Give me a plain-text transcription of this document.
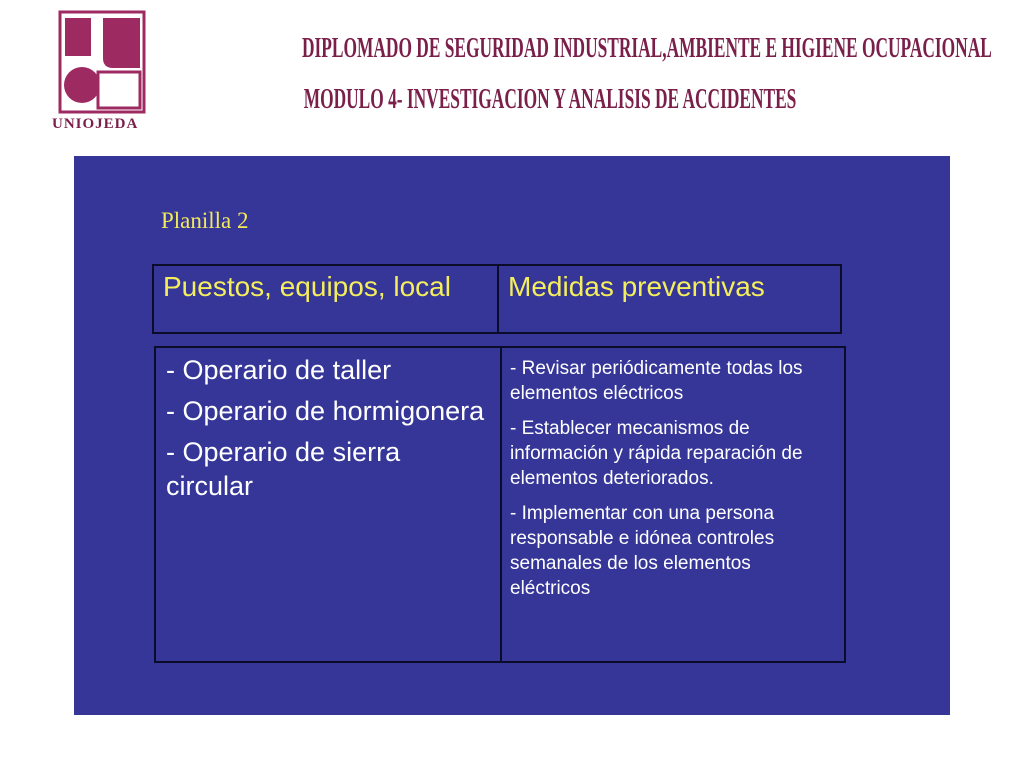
UNIOJEDA
DIPLOMADO DE SEGURIDAD INDUSTRIAL,AMBIENTE E HIGIENE OCUPACIONAL
MODULO 4- INVESTIGACION Y ANALISIS DE ACCIDENTES
Planilla 2
Puestos, equipos, local	Medidas preventivas
- Operario de taller
- Operario de hormigonera
- Operario de sierra circular
- Revisar periódicamente todas los elementos eléctricos
- Establecer mecanismos de información y rápida reparación de elementos deteriorados.
- Implementar con una persona responsable e idónea controles semanales de los elementos eléctricos
